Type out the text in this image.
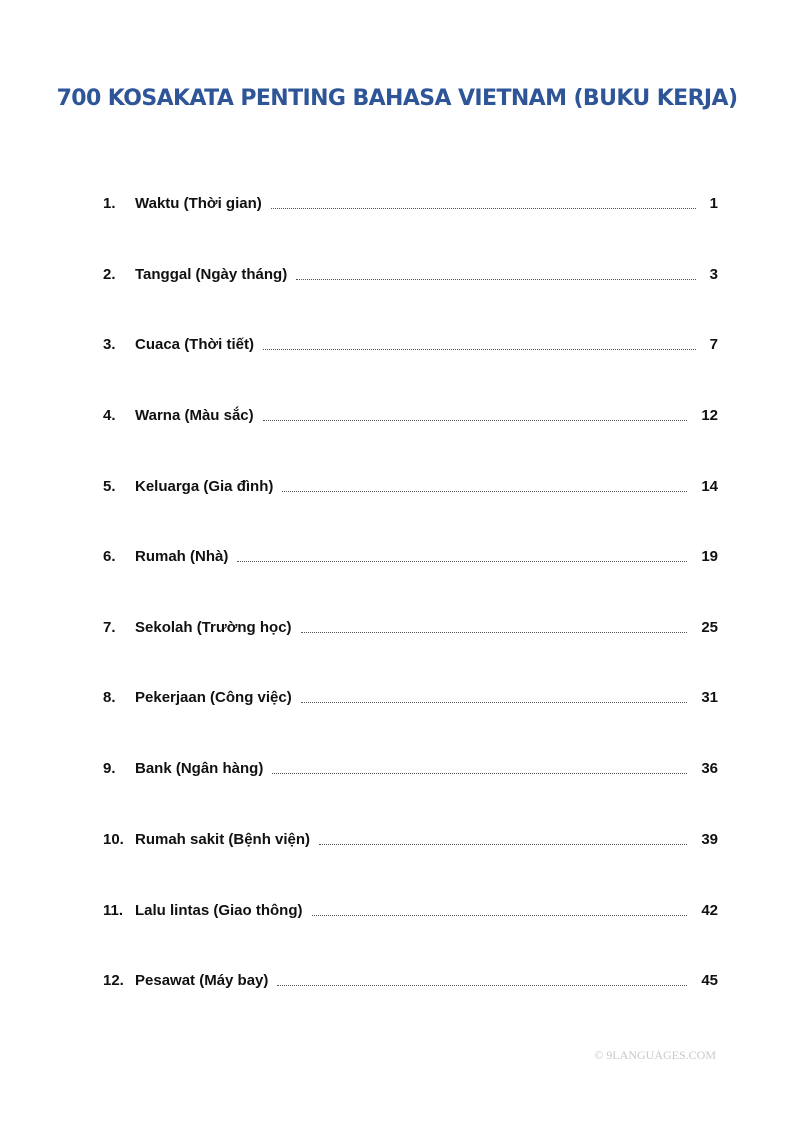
700 KOSAKATA PENTING BAHASA VIETNAM (BUKU KERJA)
1.	Waktu (Thời gian)	1
2.	Tanggal (Ngày tháng)	3
3.	Cuaca (Thời tiết)	7
4.	Warna (Màu sắc)	12
5.	Keluarga (Gia đình)	14
6.	Rumah (Nhà)	19
7.	Sekolah (Trường học)	25
8.	Pekerjaan (Công việc)	31
9.	Bank (Ngân hàng)	36
10. Rumah sakit (Bệnh viện)	39
11. Lalu lintas (Giao thông)	42
12. Pesawat (Máy bay)	45
© 9LANGUAGES.COM
